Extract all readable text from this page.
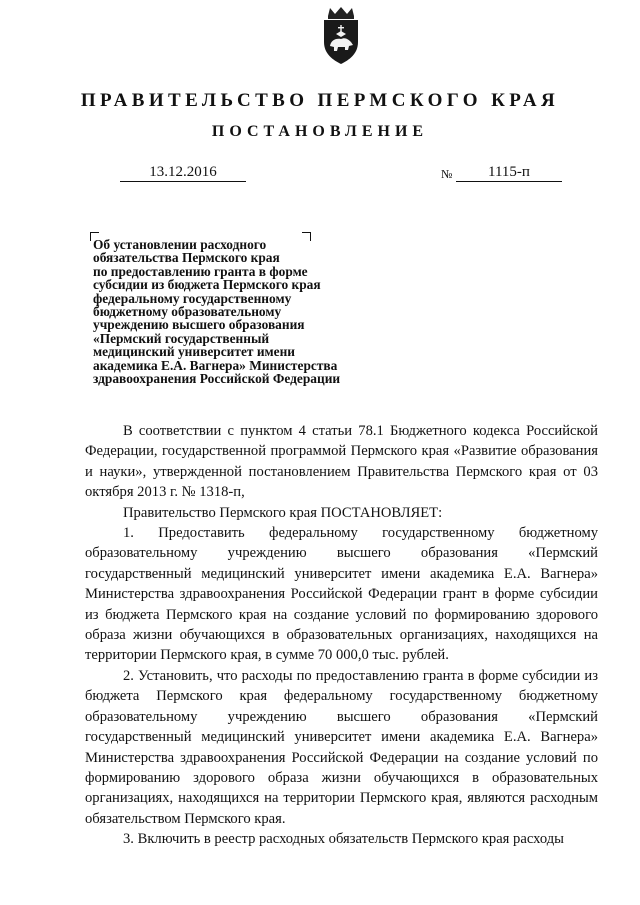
ПРАВИТЕЛЬСТВО ПЕРМСКОГО КРАЯ
ПОСТАНОВЛЕНИЕ
13.12.2016	№	1115-п
Об установлении расходного
обязательства Пермского края
по предоставлению гранта в форме
субсидии из бюджета Пермского края
федеральному государственному
бюджетному образовательному
учреждению высшего образования
«Пермский государственный
медицинский университет имени
академика Е.А. Вагнера» Министерства
здравоохранения Российской Федерации

В соответствии с пунктом 4 статьи 78.1 Бюджетного кодекса Российской Федерации, государственной программой Пермского края «Развитие образования и науки», утвержденной постановлением Правительства Пермского края от 03 октября 2013 г. № 1318-п,

Правительство Пермского края ПОСТАНОВЛЯЕТ:

1. Предоставить федеральному государственному бюджетному образовательному учреждению высшего образования «Пермский государственный медицинский университет имени академика Е.А. Вагнера» Министерства здравоохранения Российской Федерации грант в форме субсидии из бюджета Пермского края на создание условий по формированию здорового образа жизни обучающихся в образовательных организациях, находящихся на территории Пермского края, в сумме 70 000,0 тыс. рублей.

2. Установить, что расходы по предоставлению гранта в форме субсидии из бюджета Пермского края федеральному государственному бюджетному образовательному учреждению высшего образования «Пермский государственный медицинский университет имени академика Е.А. Вагнера» Министерства здравоохранения Российской Федерации на создание условий по формированию здорового образа жизни обучающихся в образовательных организациях, находящихся на территории Пермского края, являются расходным обязательством Пермского края.

3. Включить в реестр расходных обязательств Пермского края расходы
